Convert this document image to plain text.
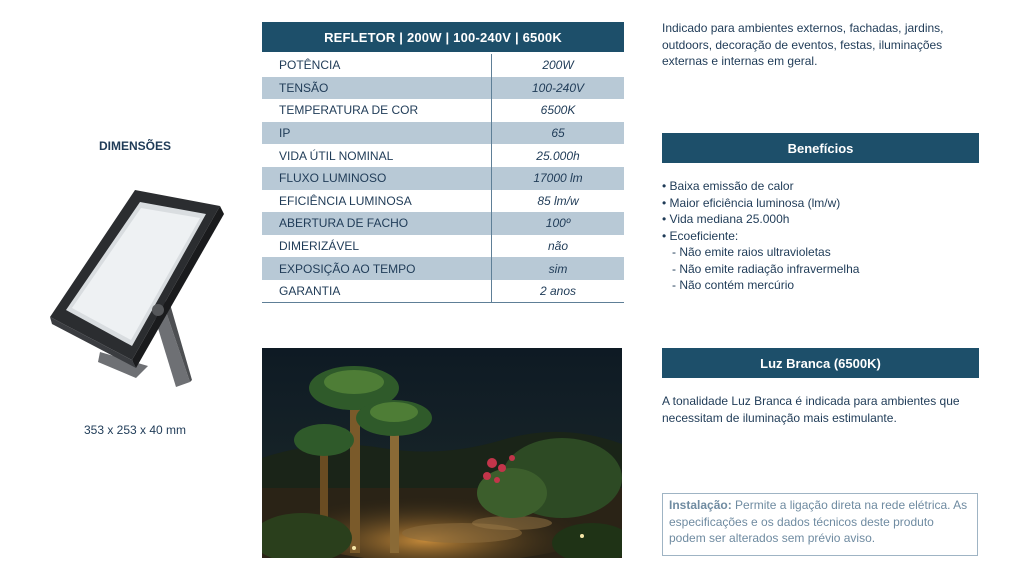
DIMENSÕES
353 x 253 x 40 mm
REFLETOR | 200W | 100-240V | 6500K
POTÊNCIA	200W
TENSÃO	100-240V
TEMPERATURA DE COR	6500K
IP	65
VIDA ÚTIL NOMINAL	25.000h
FLUXO LUMINOSO	17000 lm
EFICIÊNCIA LUMINOSA	85 lm/w
ABERTURA DE FACHO	100º
DIMERIZÁVEL	não
EXPOSIÇÃO AO TEMPO	sim
GARANTIA	2 anos
Indicado para ambientes externos, fachadas, jardins, outdoors, decoração de eventos, festas, iluminações externas e internas em geral.
Benefícios
• Baixa emissão de calor
• Maior eficiência luminosa (lm/w)
• Vida mediana 25.000h
• Ecoeficiente:
- Não emite raios ultravioletas
- Não emite radiação infravermelha
- Não contém mercúrio
Luz Branca (6500K)
A tonalidade Luz Branca é indicada para ambientes que necessitam de iluminação mais estimulante.
Instalação: Permite a ligação direta na rede elétrica. As especificações e os dados técnicos deste produto podem ser alterados sem prévio aviso.
